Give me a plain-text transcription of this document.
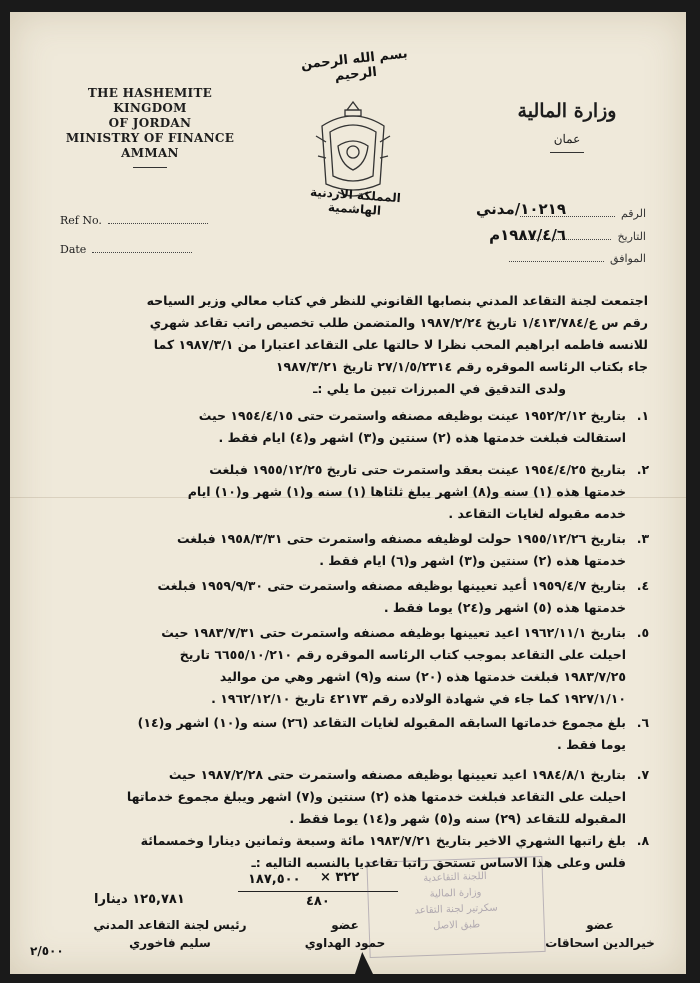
THE HASHEMITE KINGDOM
OF JORDAN
MINISTRY OF FINANCE
AMMAN
بسم الله الرحمن الرحيم
المملكة الاردنية الهاشمية
وزارة المالية
عمان
Ref No.
Date
الرقم
التاريخ
الموافق
١٠٢١٩/مدني
١٩٨٧/٤/٦م
اجتمعت لجنة التقاعد المدني بنصابها القانوني للنظر في كتاب معالي وزير السياحه
رقم س ع/١/٤١٣/٧٨٤ تاريخ ١٩٨٧/٢/٢٤ والمتضمن طلب تخصيص راتب تقاعد شهري
للانسه فاطمه ابراهيم المحب نظرا لا حالتها على التقاعد اعتبارا من ١٩٨٧/٣/١ كما
جاء بكتاب الرئاسه الموقره رقم ٢٧/١/٥/٢٣١٤ تاريخ ١٩٨٧/٣/٢١
ولدى التدقيق في المبرزات تبين ما يلي :ـ
١.
بتاريخ ١٩٥٢/٢/١٢ عينت بوظيفه مصنفه واستمرت حتى ١٩٥٤/٤/١٥ حيث
استقالت فبلغت خدمتها هذه (٢) سنتين و(٣) اشهر و(٤) ايام فقط .
٢.
بتاريخ ١٩٥٤/٤/٢٥ عينت بعقد واستمرت حتى تاريخ ١٩٥٥/١٢/٢٥ فبلغت
خدمتها هذه (١) سنه و(٨) اشهر يبلغ ثلثاها (١) سنه و(١) شهر و(١٠) ايام
خدمه مقبوله لغايات التقاعد .
٣.
بتاريخ ١٩٥٥/١٢/٢٦ حولت لوظيفه مصنفه واستمرت حتى ١٩٥٨/٣/٣١ فبلغت
خدمتها هذه (٢) سنتين و(٣) اشهر و(٦) ايام فقط .
٤.
بتاريخ ١٩٥٩/٤/٧ أعيد تعيينها بوظيفه مصنفه واستمرت حتى ١٩٥٩/٩/٣٠ فبلغت
خدمتها هذه (٥) اشهر و(٢٤) يوما فقط .
٥.
بتاريخ ١٩٦٢/١١/١ اعيد تعيينها بوظيفه مصنفه واستمرت حتى ١٩٨٣/٧/٣١ حيث
احيلت على التقاعد بموجب كتاب الرئاسه الموقره رقم ٦٦٥٥/١٠/٢١٠ تاريخ
١٩٨٣/٧/٢٥ فبلغت خدمتها هذه (٢٠) سنه و(٩) اشهر وهي من مواليد
١٩٢٧/١/١٠ كما جاء في شهادة الولاده رقم ٤٢١٧٣ تاريخ ١٩٦٢/١٢/١٠ .
٦.
بلغ مجموع خدماتها السابقه المقبوله لغايات التقاعد (٢٦) سنه و(١٠) اشهر و(١٤)
يوما فقط .
٧.
بتاريخ ١٩٨٤/٨/١ اعيد تعيينها بوظيفه مصنفه واستمرت حتى ١٩٨٧/٢/٢٨ حيث
احيلت على التقاعد فبلغت خدمتها هذه (٢) سنتين و(٧) اشهر ويبلغ مجموع خدماتها
المقبوله للتقاعد (٢٩) سنه و(٥) شهر و(١٤) يوما فقط .
٨.
بلغ راتبها الشهري الاخير بتاريخ ١٩٨٣/٧/٢١ مائة وسبعة وثمانين دينارا وخمسمائة
فلس وعلى هذا الاساس تستحق راتبا تقاعديا بالنسبه التاليه :ـ
٣٢٢ ×
١٨٧,٥٠٠
٤٨٠
١٢٥,٧٨١ دينارا
اللجنة التقاعدية
وزارة المالية
سكرتير لجنة التقاعد
طبق الاصل
رئيس لجنة التقاعد المدني
سليم فاخوري
عضو
حمود الهداوي
عضو
خيرالدين اسحاقات
٢/٥٠٠
